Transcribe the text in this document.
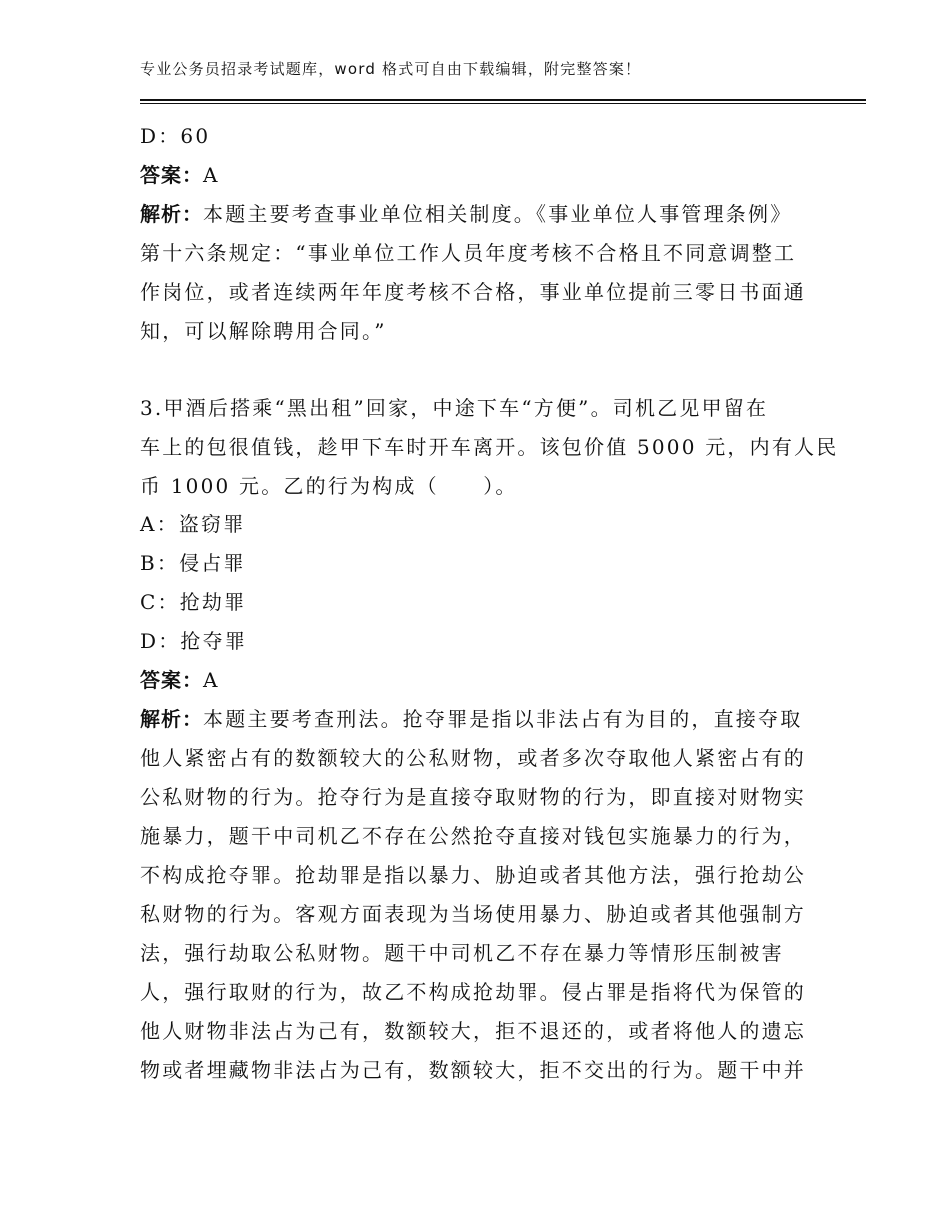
专业公务员招录考试题库，word 格式可自由下载编辑，附完整答案！
D：60
答案：A
解析：本题主要考查事业单位相关制度。《事业单位人事管理条例》
第十六条规定：“事业单位工作人员年度考核不合格且不同意调整工
作岗位，或者连续两年年度考核不合格，事业单位提前三零日书面通
知，可以解除聘用合同。”
3.甲酒后搭乘“黑出租”回家，中途下车“方便”。司机乙见甲留在
车上的包很值钱，趁甲下车时开车离开。该包价值 5000 元，内有人民
币 1000 元。乙的行为构成（　　）。
A：盗窃罪
B：侵占罪
C：抢劫罪
D：抢夺罪
答案：A
解析：本题主要考查刑法。抢夺罪是指以非法占有为目的，直接夺取
他人紧密占有的数额较大的公私财物，或者多次夺取他人紧密占有的
公私财物的行为。抢夺行为是直接夺取财物的行为，即直接对财物实
施暴力，题干中司机乙不存在公然抢夺直接对钱包实施暴力的行为，
不构成抢夺罪。抢劫罪是指以暴力、胁迫或者其他方法，强行抢劫公
私财物的行为。客观方面表现为当场使用暴力、胁迫或者其他强制方
法，强行劫取公私财物。题干中司机乙不存在暴力等情形压制被害
人，强行取财的行为，故乙不构成抢劫罪。侵占罪是指将代为保管的
他人财物非法占为己有，数额较大，拒不退还的，或者将他人的遗忘
物或者埋藏物非法占为己有，数额较大，拒不交出的行为。题干中并
